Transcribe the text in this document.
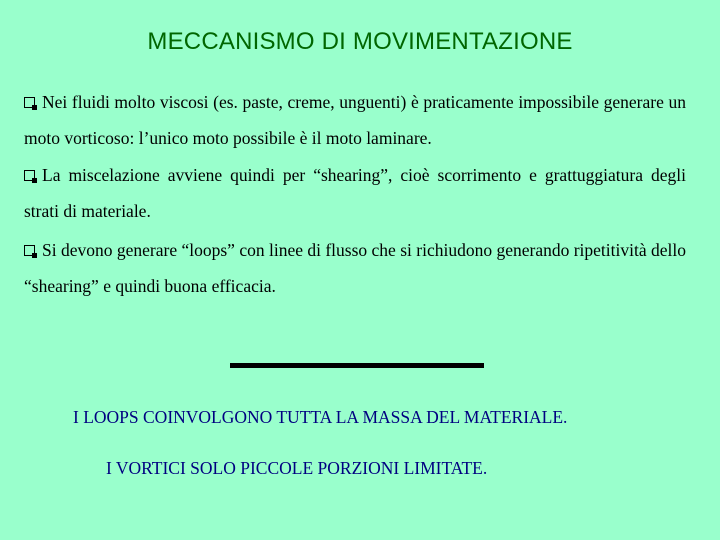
MECCANISMO DI MOVIMENTAZIONE
Nei fluidi molto viscosi (es. paste, creme, unguenti) è praticamente impossibile generare un moto vorticoso: l’unico moto possibile è il moto laminare.
La miscelazione avviene quindi per “shearing”, cioè scorrimento e grattuggiatura degli strati di materiale.
Si devono generare “loops” con linee di flusso che si richiudono generando ripetitività dello “shearing” e quindi buona efficacia.
I LOOPS COINVOLGONO TUTTA LA MASSA DEL MATERIALE.
I VORTICI SOLO PICCOLE PORZIONI LIMITATE.
